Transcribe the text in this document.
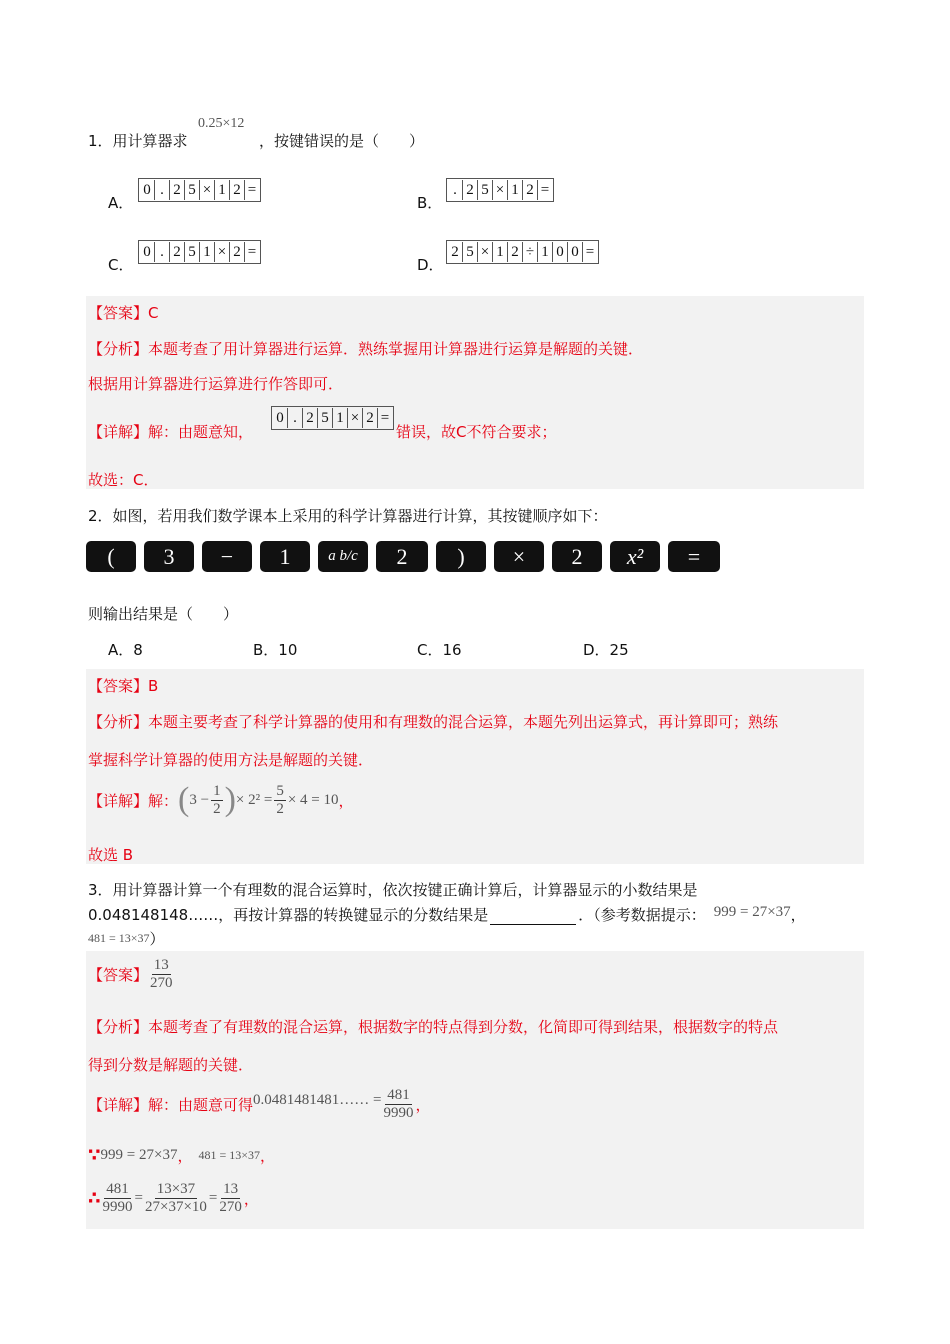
1．用计算器求
0.25×12
，按键错误的是（　　）
A．
0 . 2 5 × 1 2 =
B．
. 2 5 × 1 2 =
C．
0 . 2 5 1 × 2 =
D．
2 5 × 1 2 ÷ 1 0 0 =
【答案】C
【分析】本题考查了用计算器进行运算．熟练掌握用计算器进行运算是解题的关键．
根据用计算器进行运算进行作答即可．
【详解】解：由题意知，
0 . 2 5 1 × 2 =
错误，故C不符合要求；
故选：C．
2．如图，若用我们数学课本上采用的科学计算器进行计算，其按键顺序如下：
(	3	−	1	a b/c	2	)	×	2	x²	=
则输出结果是（　　）
A．8	B．10	C．16	D．25
【答案】B
【分析】本题主要考查了科学计算器的使用和有理数的混合运算，本题先列出运算式，再计算即可；熟练
掌握科学计算器的使用方法是解题的关键．
【详解】 解： ( $3 - \frac{1}{2}$ ) × $2^2 = \frac{5}{2} \times 4 = 10$ ，
故选 B
3．用计算器计算一个有理数的混合运算时，依次按键正确计算后，计算器显示的小数结果是
0.048148148……，再按计算器的转换键显示的分数结果是	．（参考数据提示： 999 = 27×37 ，
481 = 13×37 ）
【答案】 $\frac{13}{270}$
【分析】本题考查了有理数的混合运算，根据数字的特点得到分数，化简即可得到结果，根据数字的特点
得到分数是解题的关键．
【详解】 解：由题意可得 0.0481481481…… = $\frac{481}{9990}$ ，
∵ 999 = 27×37 ， 481 = 13×37 ，
∴ $\frac{481}{9990} = \frac{13\times 37}{27\times 37\times 10} = \frac{13}{270}$ ，
